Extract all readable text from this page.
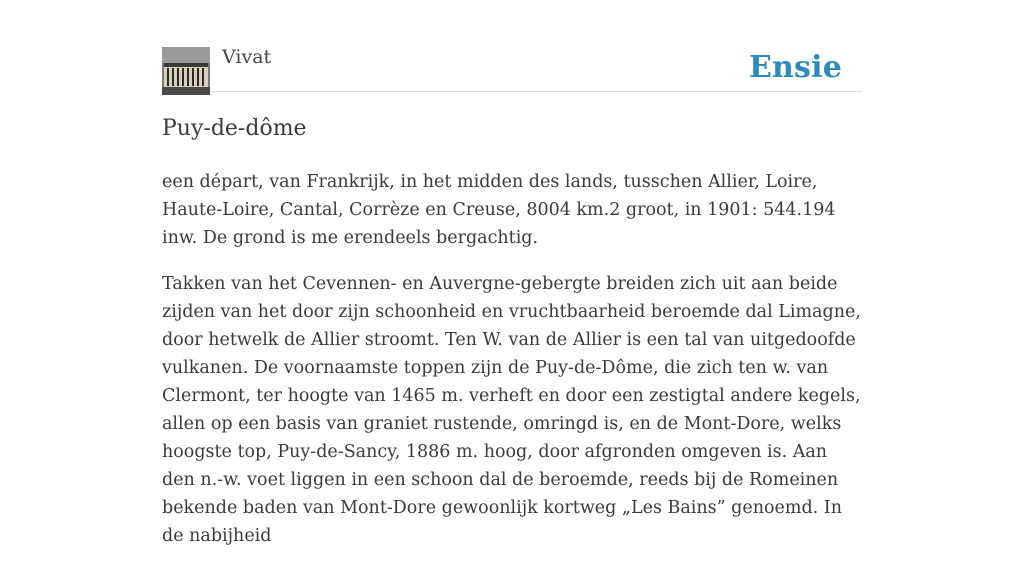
Vivat	Ensie
Puy-de-dôme

een départ, van Frankrijk, in het midden des lands, tusschen Allier, Loire, Haute-Loire, Cantal, Corrèze en Creuse, 8004 km.2 groot, in 1901: 544.194 inw. De grond is me erendeels bergachtig.

Takken van het Cevennen- en Auvergne-gebergte breiden zich uit aan beide zijden van het door zijn schoonheid en vruchtbaarheid beroemde dal Limagne, door hetwelk de Allier stroomt. Ten W. van de Allier is een tal van uitgedoofde vulkanen. De voornaamste toppen zijn de Puy-de-Dôme, die zich ten w. van Clermont, ter hoogte van 1465 m. verheft en door een zestigtal andere kegels, allen op een basis van graniet rustende, omringd is, en de Mont-Dore, welks hoogste top, Puy-de-Sancy, 1886 m. hoog, door afgronden omgeven is. Aan den n.-w. voet liggen in een schoon dal de beroemde, reeds bij de Romeinen bekende baden van Mont-Dore gewoonlijk kortweg „Les Bains” genoemd. In de nabijheid
